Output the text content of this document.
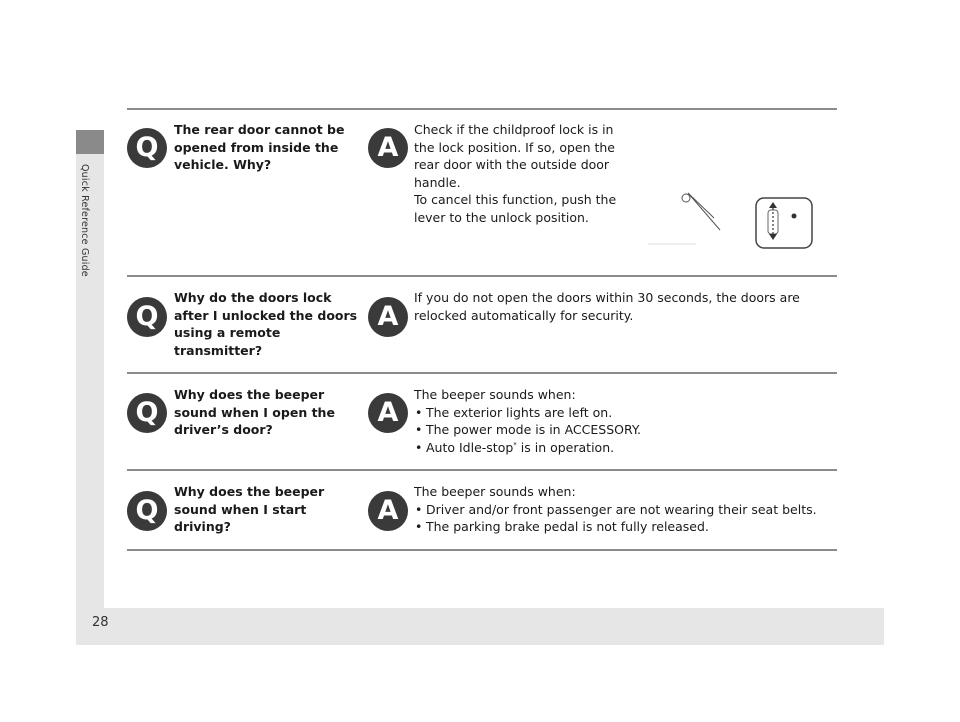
Quick Reference Guide
28
Q
The rear door cannot be opened from inside the vehicle. Why?
A

Check if the childproof lock is in the lock position. If so, open the rear door with the outside door handle.

To cancel this function, push the lever to the unlock position.

Q
Why do the doors lock after I unlocked the doors using a remote transmitter?
A
If you do not open the doors within 30 seconds, the doors are relocked automatically for security.
Q
Why does the beeper sound when I open the driver’s door?
A

The beeper sounds when:

• The exterior lights are left on.
• The power mode is in ACCESSORY.
• Auto Idle-stop* is in operation.
Q
Why does the beeper sound when I start driving?
A

The beeper sounds when:

• Driver and/or front passenger are not wearing their seat belts.
• The parking brake pedal is not fully released.
